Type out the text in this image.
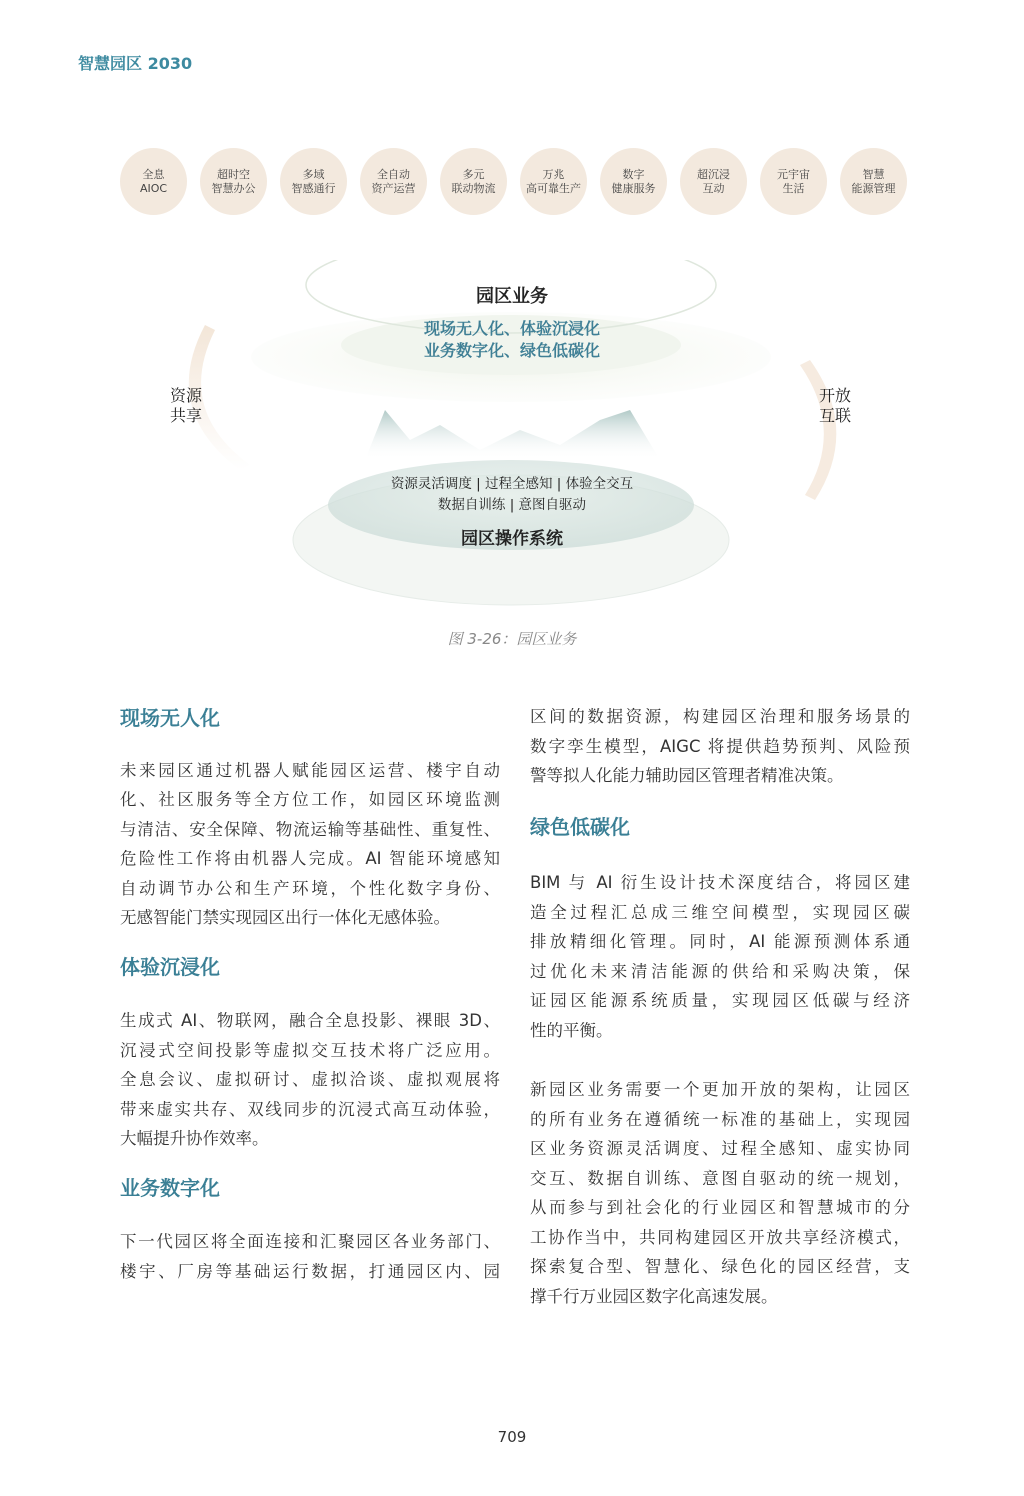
智慧园区 2030
全息
AIOC
超时空
智慧办公
多域
智感通行
全自动
资产运营
多元
联动物流
万兆
高可靠生产
数字
健康服务
超沉浸
互动
元宇宙
生活
智慧
能源管理
园区业务
现场无人化、体验沉浸化
业务数字化、绿色低碳化
资源
共享
开放
互联
资源灵活调度 | 过程全感知 | 体验全交互
数据自训练 | 意图自驱动
园区操作系统
图 3-26：园区业务
现场无人化
未来园区通过机器人赋能园区运营、楼宇自动
化、社区服务等全方位工作，如园区环境监测
与清洁、安全保障、物流运输等基础性、重复性、
危险性工作将由机器人完成。AI 智能环境感知
自动调节办公和生产环境，个性化数字身份、
无感智能门禁实现园区出行一体化无感体验。
体验沉浸化
生成式 AI、物联网，融合全息投影、裸眼 3D、
沉浸式空间投影等虚拟交互技术将广泛应用。
全息会议、虚拟研讨、虚拟洽谈、虚拟观展将
带来虚实共存、双线同步的沉浸式高互动体验，
大幅提升协作效率。
业务数字化
下一代园区将全面连接和汇聚园区各业务部门、
楼宇、厂房等基础运行数据，打通园区内、园
区间的数据资源，构建园区治理和服务场景的
数字孪生模型，AIGC 将提供趋势预判、风险预
警等拟人化能力辅助园区管理者精准决策。
绿色低碳化
BIM 与 AI 衍生设计技术深度结合，将园区建
造全过程汇总成三维空间模型，实现园区碳
排放精细化管理。同时，AI 能源预测体系通
过优化未来清洁能源的供给和采购决策，保
证园区能源系统质量，实现园区低碳与经济
性的平衡。
新园区业务需要一个更加开放的架构，让园区
的所有业务在遵循统一标准的基础上，实现园
区业务资源灵活调度、过程全感知、虚实协同
交互、数据自训练、意图自驱动的统一规划，
从而参与到社会化的行业园区和智慧城市的分
工协作当中，共同构建园区开放共享经济模式，
探索复合型、智慧化、绿色化的园区经营，支
撑千行万业园区数字化高速发展。
709
